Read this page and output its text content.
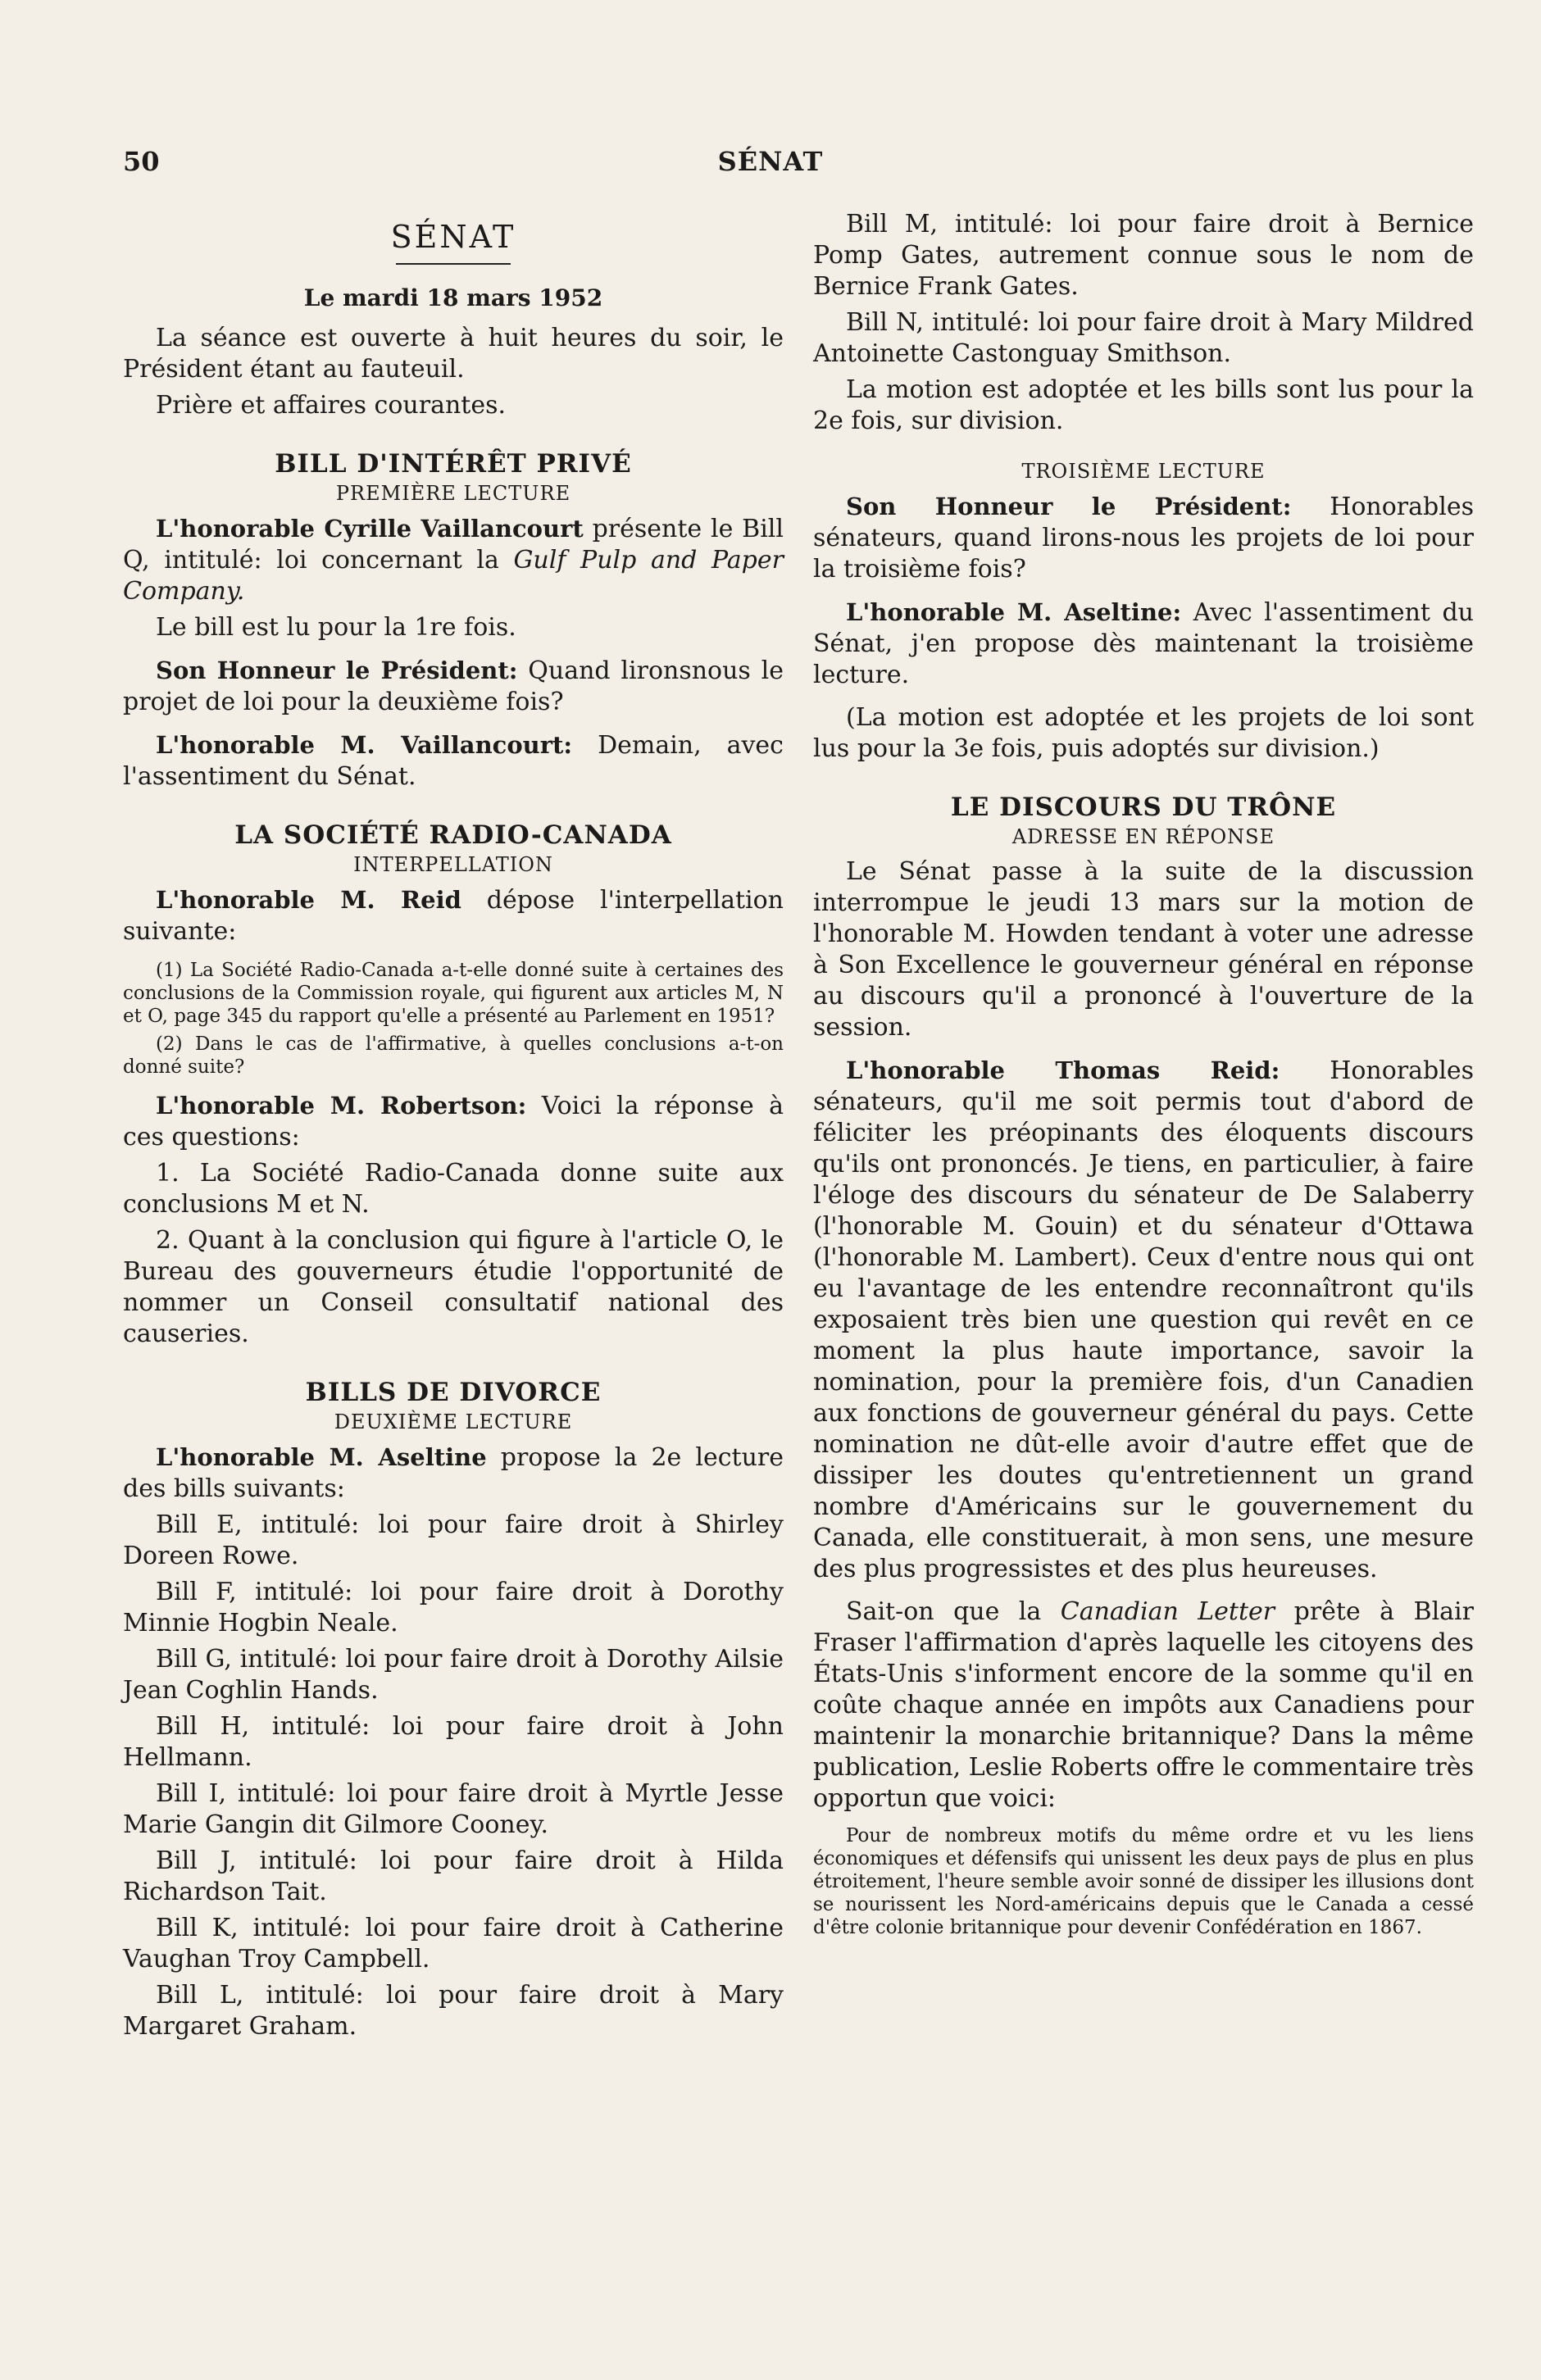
50	SÉNAT
SÉNAT
Le mardi 18 mars 1952

La séance est ouverte à huit heures du soir, le Président étant au fauteuil.

Prière et affaires courantes.

BILL D'INTÉRÊT PRIVÉ
PREMIÈRE LECTURE

L'honorable Cyrille Vaillancourt présente le Bill Q, intitulé: loi concernant la Gulf Pulp and Paper Company.

Le bill est lu pour la 1re fois.

Son Honneur le Président: Quand lironsnous le projet de loi pour la deuxième fois?

L'honorable M. Vaillancourt: Demain, avec l'assentiment du Sénat.

LA SOCIÉTÉ RADIO-CANADA
INTERPELLATION

L'honorable M. Reid dépose l'interpellation suivante:

(1) La Société Radio-Canada a-t-elle donné suite à certaines des conclusions de la Commission royale, qui figurent aux articles M, N et O, page 345 du rapport qu'elle a présenté au Parlement en 1951?

(2) Dans le cas de l'affirmative, à quelles conclusions a-t-on donné suite?

L'honorable M. Robertson: Voici la réponse à ces questions:

1. La Société Radio-Canada donne suite aux conclusions M et N.

2. Quant à la conclusion qui figure à l'article O, le Bureau des gouverneurs étudie l'opportunité de nommer un Conseil consultatif national des causeries.

BILLS DE DIVORCE
DEUXIÈME LECTURE

L'honorable M. Aseltine propose la 2e lecture des bills suivants:

Bill E, intitulé: loi pour faire droit à Shirley Doreen Rowe.

Bill F, intitulé: loi pour faire droit à Dorothy Minnie Hogbin Neale.

Bill G, intitulé: loi pour faire droit à Dorothy Ailsie Jean Coghlin Hands.

Bill H, intitulé: loi pour faire droit à John Hellmann.

Bill I, intitulé: loi pour faire droit à Myrtle Jesse Marie Gangin dit Gilmore Cooney.

Bill J, intitulé: loi pour faire droit à Hilda Richardson Tait.

Bill K, intitulé: loi pour faire droit à Catherine Vaughan Troy Campbell.

Bill L, intitulé: loi pour faire droit à Mary Margaret Graham.

Bill M, intitulé: loi pour faire droit à Bernice Pomp Gates, autrement connue sous le nom de Bernice Frank Gates.

Bill N, intitulé: loi pour faire droit à Mary Mildred Antoinette Castonguay Smithson.

La motion est adoptée et les bills sont lus pour la 2e fois, sur division.

TROISIÈME LECTURE

Son Honneur le Président: Honorables sénateurs, quand lirons-nous les projets de loi pour la troisième fois?

L'honorable M. Aseltine: Avec l'assentiment du Sénat, j'en propose dès maintenant la troisième lecture.

(La motion est adoptée et les projets de loi sont lus pour la 3e fois, puis adoptés sur division.)

LE DISCOURS DU TRÔNE
ADRESSE EN RÉPONSE

Le Sénat passe à la suite de la discussion interrompue le jeudi 13 mars sur la motion de l'honorable M. Howden tendant à voter une adresse à Son Excellence le gouverneur général en réponse au discours qu'il a prononcé à l'ouverture de la session.

L'honorable Thomas Reid: Honorables sénateurs, qu'il me soit permis tout d'abord de féliciter les préopinants des éloquents discours qu'ils ont prononcés. Je tiens, en particulier, à faire l'éloge des discours du sénateur de De Salaberry (l'honorable M. Gouin) et du sénateur d'Ottawa (l'honorable M. Lambert). Ceux d'entre nous qui ont eu l'avantage de les entendre reconnaîtront qu'ils exposaient très bien une question qui revêt en ce moment la plus haute importance, savoir la nomination, pour la première fois, d'un Canadien aux fonctions de gouverneur général du pays. Cette nomination ne dût-elle avoir d'autre effet que de dissiper les doutes qu'entretiennent un grand nombre d'Américains sur le gouvernement du Canada, elle constituerait, à mon sens, une mesure des plus progressistes et des plus heureuses.

Sait-on que la Canadian Letter prête à Blair Fraser l'affirmation d'après laquelle les citoyens des États-Unis s'informent encore de la somme qu'il en coûte chaque année en impôts aux Canadiens pour maintenir la monarchie britannique? Dans la même publication, Leslie Roberts offre le commentaire très opportun que voici:

Pour de nombreux motifs du même ordre et vu les liens économiques et défensifs qui unissent les deux pays de plus en plus étroitement, l'heure semble avoir sonné de dissiper les illusions dont se nourissent les Nord-américains depuis que le Canada a cessé d'être colonie britannique pour devenir Confédération en 1867.
